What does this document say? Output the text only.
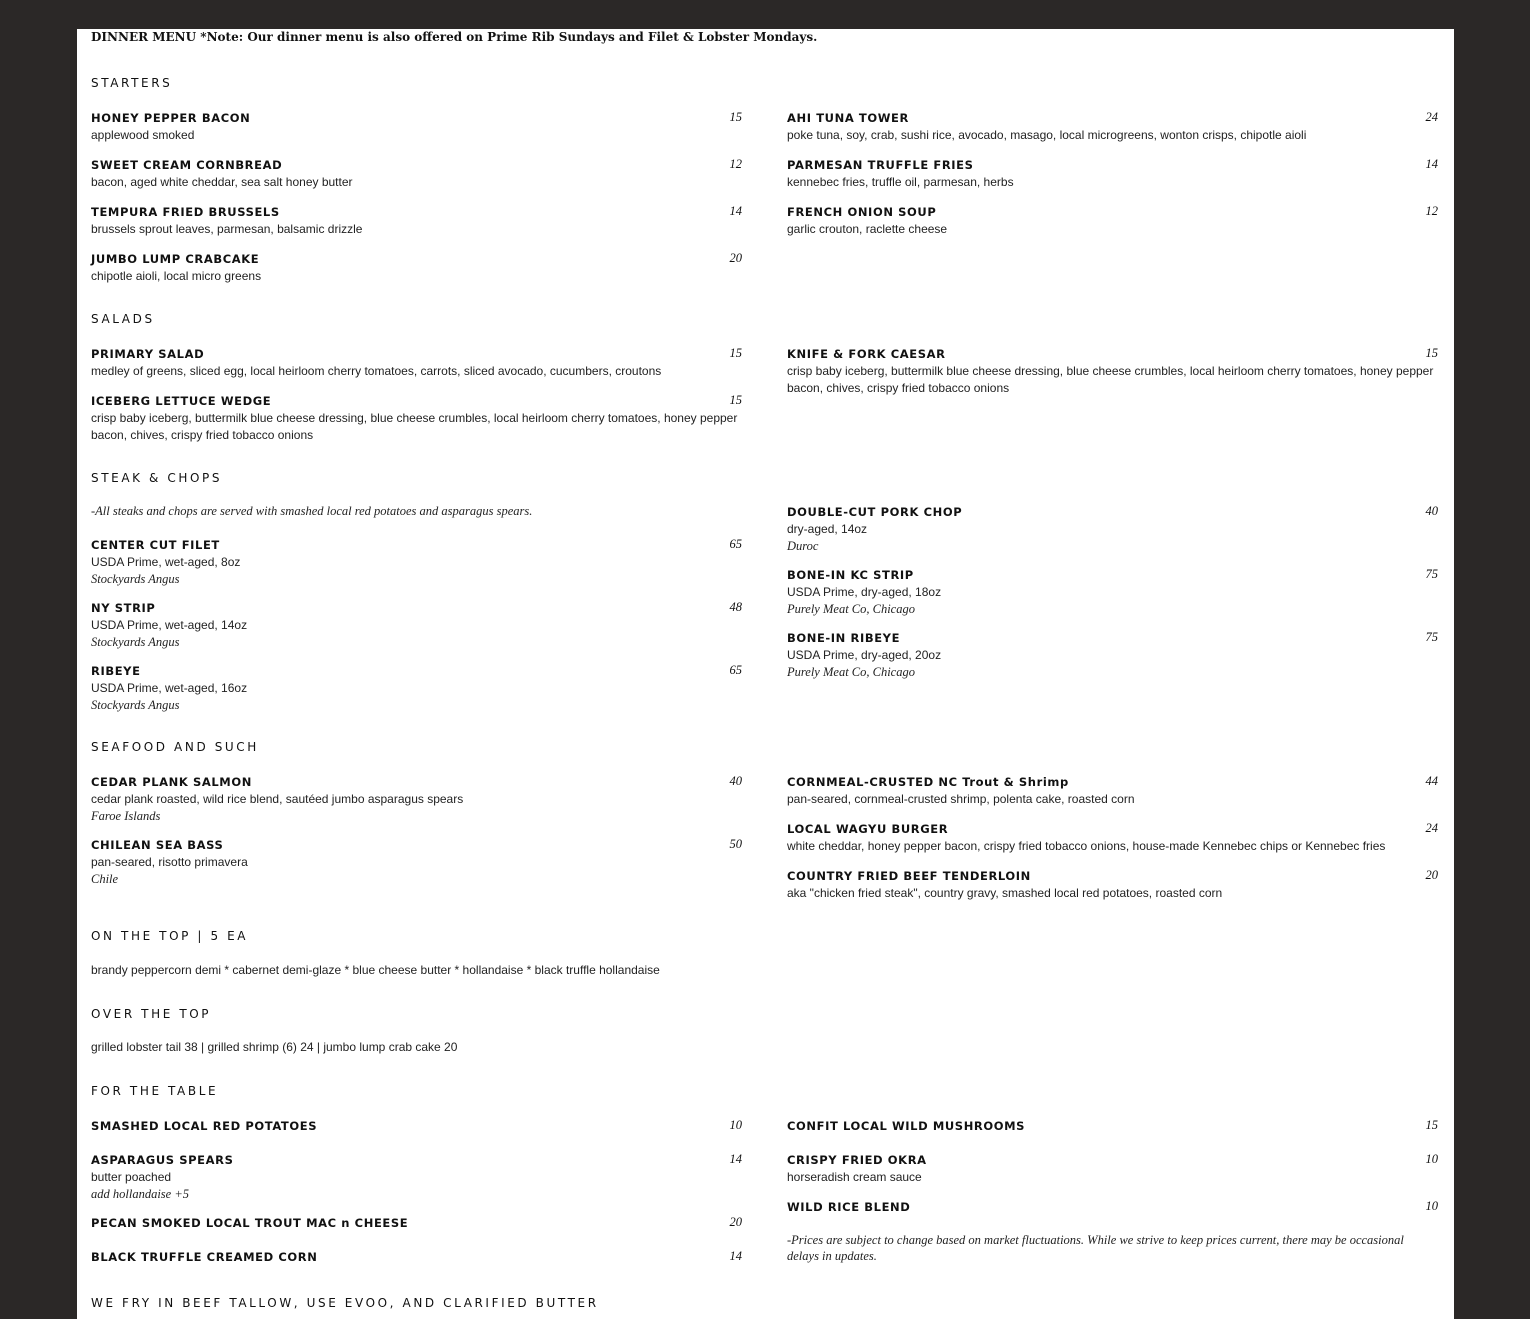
DINNER MENU *Note: Our dinner menu is also offered on Prime Rib Sundays and Filet & Lobster Mondays.
STARTERS
HONEY PEPPER BACON
applewood smoked
15
SWEET CREAM CORNBREAD
bacon, aged white cheddar, sea salt honey butter
12
TEMPURA FRIED BRUSSELS
brussels sprout leaves, parmesan, balsamic drizzle
14
JUMBO LUMP CRABCAKE
chipotle aioli, local micro greens
20
AHI TUNA TOWER
poke tuna, soy, crab, sushi rice, avocado, masago, local microgreens, wonton crisps, chipotle aioli
24
PARMESAN TRUFFLE FRIES
kennebec fries, truffle oil, parmesan, herbs
14
FRENCH ONION SOUP
garlic crouton, raclette cheese
12
SALADS
PRIMARY SALAD
medley of greens, sliced egg, local heirloom cherry tomatoes, carrots, sliced avocado, cucumbers, croutons
15
ICEBERG LETTUCE WEDGE
crisp baby iceberg, buttermilk blue cheese dressing, blue cheese crumbles, local heirloom cherry tomatoes, honey pepper bacon, chives, crispy fried tobacco onions
15
KNIFE & FORK CAESAR
crisp baby iceberg, buttermilk blue cheese dressing, blue cheese crumbles, local heirloom cherry tomatoes, honey pepper bacon, chives, crispy fried tobacco onions
15
STEAK & CHOPS
-All steaks and chops are served with smashed local red potatoes and asparagus spears.
CENTER CUT FILET
USDA Prime, wet-aged, 8oz
Stockyards Angus
65
NY STRIP
USDA Prime, wet-aged, 14oz
Stockyards Angus
48
RIBEYE
USDA Prime, wet-aged, 16oz
Stockyards Angus
65
DOUBLE-CUT PORK CHOP
dry-aged, 14oz
Duroc
40
BONE-IN KC STRIP
USDA Prime, dry-aged, 18oz
Purely Meat Co, Chicago
75
BONE-IN RIBEYE
USDA Prime, dry-aged, 20oz
Purely Meat Co, Chicago
75
SEAFOOD AND SUCH
CEDAR PLANK SALMON
cedar plank roasted, wild rice blend, sautéed jumbo asparagus spears
Faroe Islands
40
CHILEAN SEA BASS
pan-seared, risotto primavera
Chile
50
CORNMEAL-CRUSTED NC Trout & Shrimp
pan-seared, cornmeal-crusted shrimp, polenta cake, roasted corn
44
LOCAL WAGYU BURGER
white cheddar, honey pepper bacon, crispy fried tobacco onions, house-made Kennebec chips or Kennebec fries
24
COUNTRY FRIED BEEF TENDERLOIN
aka "chicken fried steak", country gravy, smashed local red potatoes, roasted corn
20
ON THE TOP | 5 EA
brandy peppercorn demi * cabernet demi-glaze * blue cheese butter * hollandaise * black truffle hollandaise
OVER THE TOP
grilled lobster tail 38 | grilled shrimp (6) 24 | jumbo lump crab cake 20
FOR THE TABLE
SMASHED LOCAL RED POTATOES	10
ASPARAGUS SPEARS
butter poached
add hollandaise +5
14
PECAN SMOKED LOCAL TROUT MAC n CHEESE	20
BLACK TRUFFLE CREAMED CORN	14
CONFIT LOCAL WILD MUSHROOMS	15
CRISPY FRIED OKRA
horseradish cream sauce
10
WILD RICE BLEND	10
-Prices are subject to change based on market fluctuations. While we strive to keep prices current, there may be occasional delays in updates.
WE FRY IN BEEF TALLOW, USE EVOO, AND CLARIFIED BUTTER
